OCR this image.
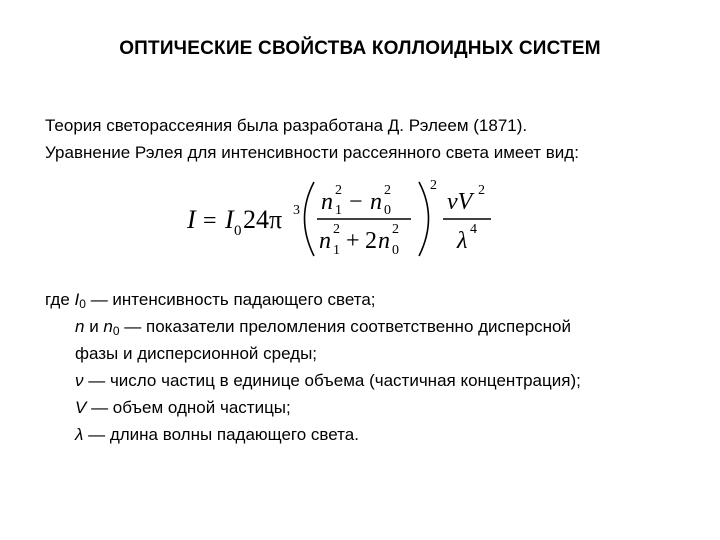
ОПТИЧЕСКИЕ СВОЙСТВА КОЛЛОИДНЫХ СИСТЕМ
Теория светорассеяния была разработана Д. Рэлеем (1871).
Уравнение Рэлея для интенсивности рассеянного света имеет вид:
I = I 0 24π 3
2
n 2
1 − n 2
0
n 2
1 + 2 n 2
0
νV 2
λ 4
где $I_0$ — интенсивность падающего света;
n и $n_0$ — показатели преломления соответственно дисперсной
фазы и дисперсионной среды;
ν — число частиц в единице объема (частичная концентрация);
V — объем одной частицы;
λ — длина волны падающего света.
